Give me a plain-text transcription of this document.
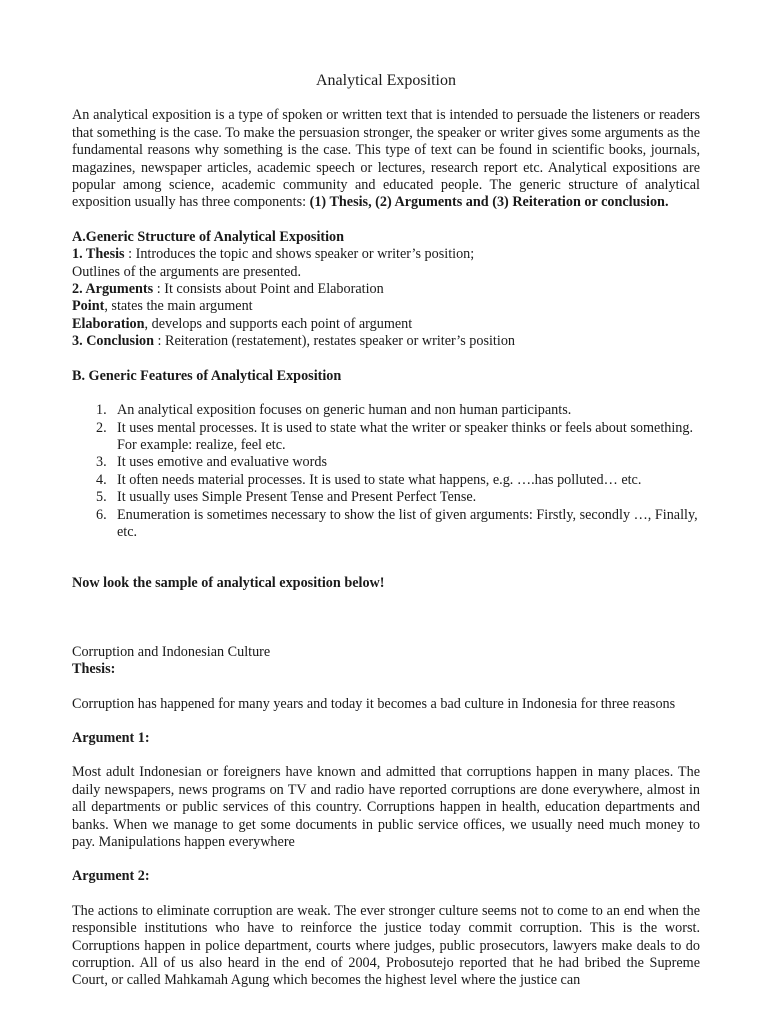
Analytical Exposition

An analytical exposition is a type of spoken or written text that is intended to persuade the listeners or readers that something is the case. To make the persuasion stronger, the speaker or writer gives some arguments as the fundamental reasons why something is the case. This type of text can be found in scientific books, journals, magazines, newspaper articles, academic speech or lectures, research report etc. Analytical expositions are popular among science, academic community and educated people. The generic structure of analytical exposition usually has three components: (1) Thesis, (2) Arguments and (3) Reiteration or conclusion.

A.Generic Structure of Analytical Exposition

1. Thesis : Introduces the topic and shows speaker or writer’s position;

Outlines of the arguments are presented.

2. Arguments : It consists about Point and Elaboration

Point, states the main argument

Elaboration, develops and supports each point of argument

3. Conclusion : Reiteration (restatement), restates speaker or writer’s position

B. Generic Features of Analytical Exposition

1. An analytical exposition focuses on generic human and non human participants.
2. It uses mental processes. It is used to state what the writer or speaker thinks or feels about something. For example: realize, feel etc.
3. It uses emotive and evaluative words
4. It often needs material processes. It is used to state what happens, e.g. ….has polluted… etc.
5. It usually uses Simple Present Tense and Present Perfect Tense.
6. Enumeration is sometimes necessary to show the list of given arguments: Firstly, secondly …, Finally, etc.

Now look the sample of analytical exposition below!

Corruption and Indonesian Culture

Thesis:

Corruption has happened for many years and today it becomes a bad culture in Indonesia for three reasons

Argument 1:

Most adult Indonesian or foreigners have known and admitted that corruptions happen in many places. The daily newspapers, news programs on TV and radio have reported corruptions are done everywhere, almost in all departments or public services of this country. Corruptions happen in health, education departments and banks. When we manage to get some documents in public service offices, we usually need much money to pay. Manipulations happen everywhere

Argument 2:

The actions to eliminate corruption are weak. The ever stronger culture seems not to come to an end when the responsible institutions who have to reinforce the justice today commit corruption. This is the worst. Corruptions happen in police department, courts where judges, public prosecutors, lawyers make deals to do corruption. All of us also heard in the end of 2004, Probosutejo reported that he had bribed the Supreme Court, or called Mahkamah Agung which becomes the highest level where the justice can
